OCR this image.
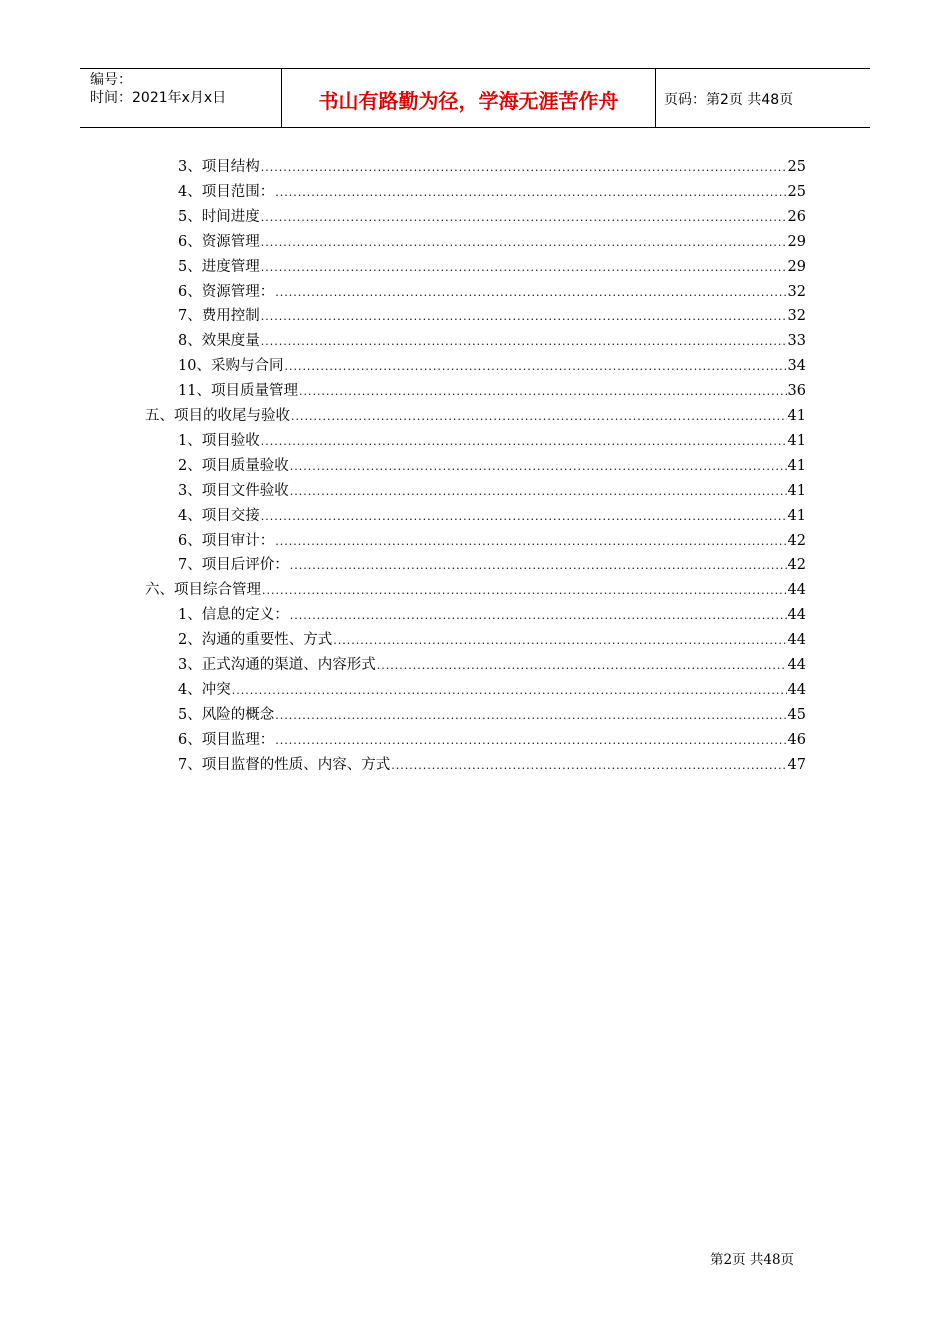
编号：
时间：2021年x月x日	书山有路勤为径，学海无涯苦作舟	页码：第2页 共48页
3、项目结构 .....	25
4、项目范围： .....	25
5、时间进度 .....	26
6、资源管理 .....	29
5、进度管理 .....	29
6、资源管理： .....	32
7、费用控制 .....	32
8、效果度量 .....	33
10、采购与合同 .....	34
11、项目质量管理 .....	36
五、项目的收尾与验收 .....	41
1、项目验收 .....	41
2、项目质量验收 .....	41
3、项目文件验收 .....	41
4、项目交接 .....	41
6、项目审计： .....	42
7、项目后评价： .....	42
六、项目综合管理 .....	44
1、信息的定义： .....	44
2、沟通的重要性、方式 .....	44
3、正式沟通的渠道、内容形式 .....	44
4、冲突 .....	44
5、风险的概念 .....	45
6、项目监理： .....	46
7、项目监督的性质、内容、方式 .....	47
第2页 共48页
